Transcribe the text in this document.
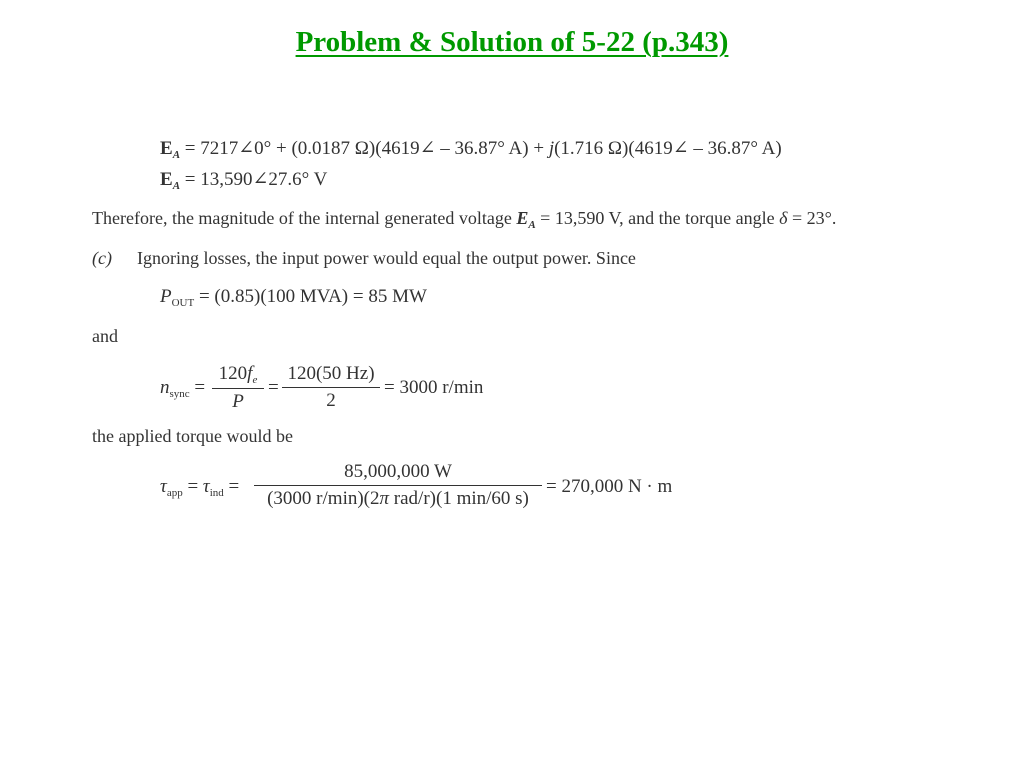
Problem & Solution of 5-22 (p.343)
$E_A$ = 7217∠0° + (0.0187 Ω)(4619∠ – 36.87° A) + j(1.716 Ω)(4619∠ – 36.87° A)
$E_A$ = 13,590∠27.6° V
Therefore, the magnitude of the internal generated voltage $E_A = 13,590$ V, and the torque angle δ = 23°.
(c) Ignoring losses, the input power would equal the output power. Since
$P_{OUT} = (0.85)(100$ MVA) = 85 MW
and
$n_{sync}$ =
$120f_e$
P
=
120(50 Hz)
2
= 3000 r/min
the applied torque would be
$\tau_{app} = \tau_{ind}$ =
85,000,000 W
(3000 r/min)(2π rad/r)(1 min/60 s)
= 270,000 N · m
